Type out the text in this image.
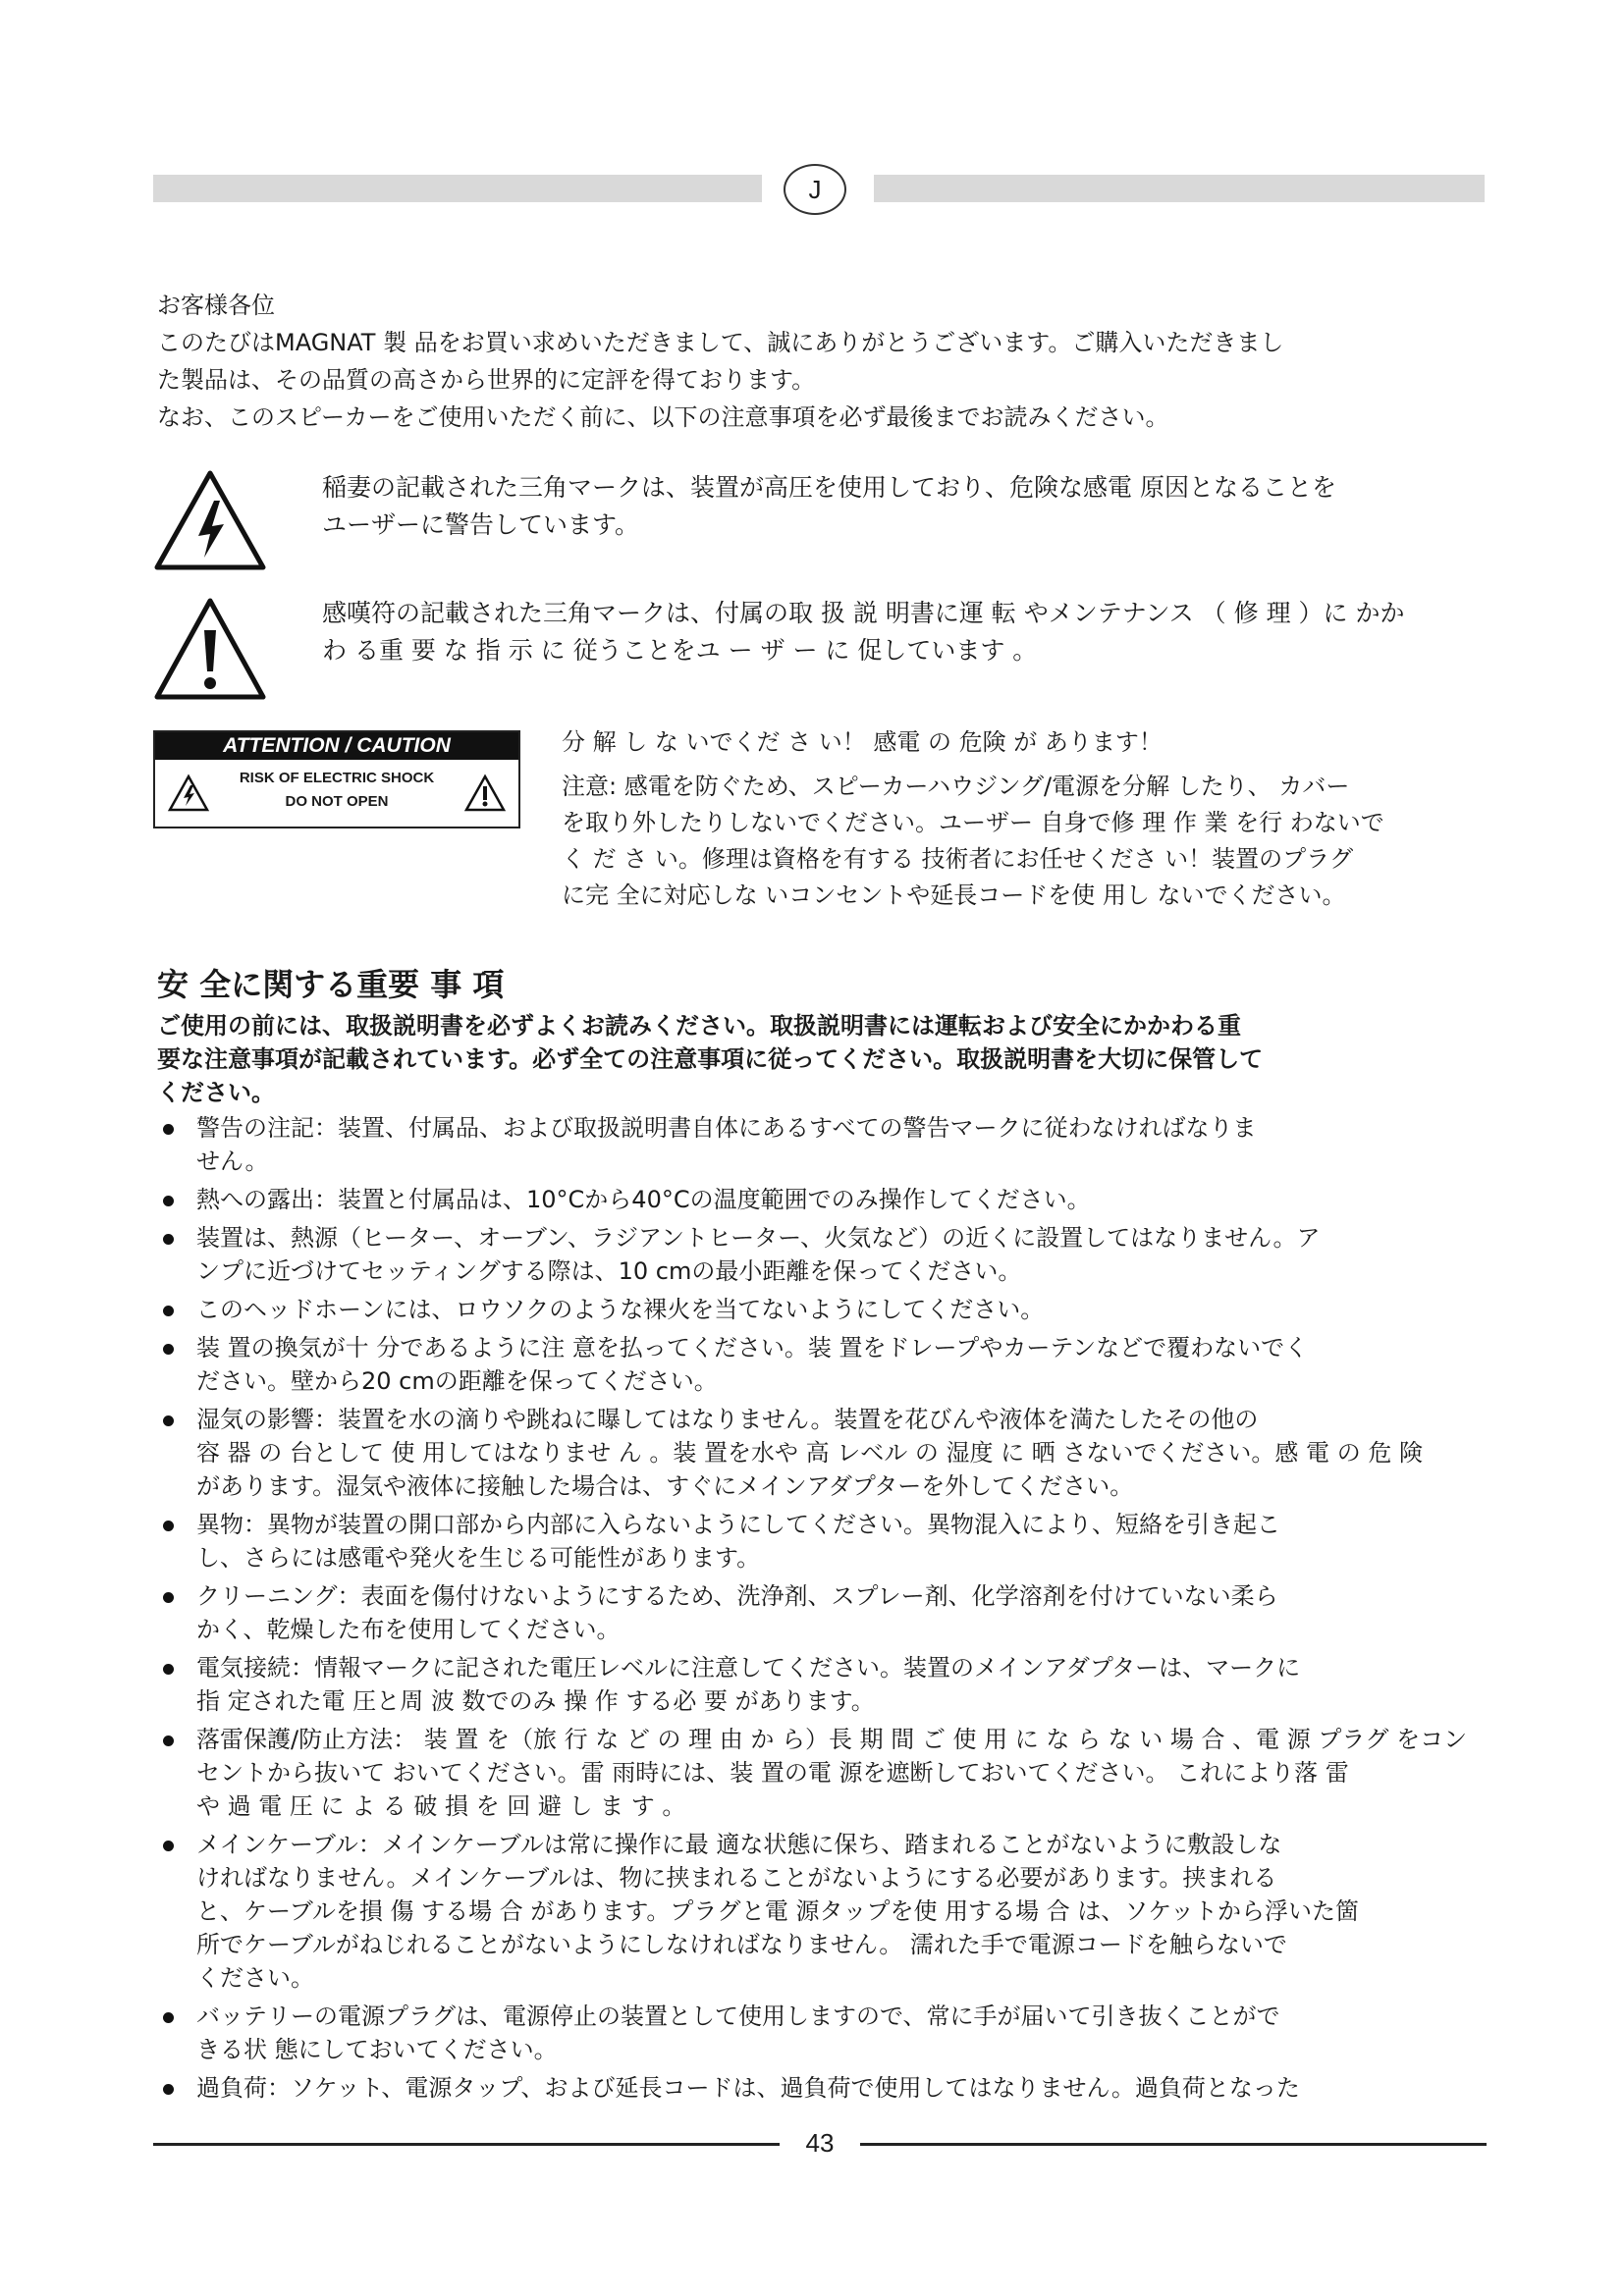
J
お客様各位
このたびはMAGNAT 製 品をお買い求めいただきまして、誠にありがとうございます。ご購入いただきまし
た製品は、その品質の高さから世界的に定評を得ております。
なお、このスピーカーをご使用いただく前に、以下の注意事項を必ず最後までお読みください。
稲妻の記載された三角マークは、装置が高圧を使用しており、危険な感電 原因となることを
ユーザーに警告しています。
感嘆符の記載された三角マークは、付属の取 扱 説 明書に運 転 やメンテナンス （ 修 理 ）に かか
わ る重 要 な 指 示 に 従うことをユ ー ザ ー に 促しています 。
ATTENTION / CAUTION
RISK OF ELECTRIC SHOCK
DO NOT OPEN
分 解 し な いでくだ さ い！ 感電 の 危険 が あります！
注意: 感電を防ぐため、スピーカーハウジング/電源を分解 したり、 カバー
を取り外したりしないでください。ユーザー 自身で修 理 作 業 を行 わないで
く だ さ い。修理は資格を有する 技術者にお任せくださ い！装置のプラグ
に完 全に対応しな いコンセントや延長コードを使 用し ないでください。
安 全に関する重要 事 項
ご使用の前には、取扱説明書を必ずよくお読みください。取扱説明書には運転および安全にかかわる重
要な注意事項が記載されています。必ず全ての注意事項に従ってください。取扱説明書を大切に保管して
ください。
警告の注記：装置、付属品、および取扱説明書自体にあるすべての警告マークに従わなければなりま
せん。
熱への露出：装置と付属品は、10°Cから40°Cの温度範囲でのみ操作してください。
装置は、熱源（ヒーター、オーブン、ラジアントヒーター、火気など）の近くに設置してはなりません。ア
ンプに近づけてセッティングする際は、10 cmの最小距離を保ってください。
このヘッドホーンには、ロウソクのような裸火を当てないようにしてください。
装 置の換気が十 分であるように注 意を払ってください。装 置をドレープやカーテンなどで覆わないでく
ださい。壁から20 cmの距離を保ってください。
湿気の影響：装置を水の滴りや跳ねに曝してはなりません。装置を花びんや液体を満たしたその他の
容 器 の 台として 使 用してはなりませ ん 。装 置を水や 高 レベル の 湿度 に 晒 さないでください。感 電 の 危 険
があります。湿気や液体に接触した場合は、すぐにメインアダプターを外してください。
異物：異物が装置の開口部から内部に入らないようにしてください。異物混入により、短絡を引き起こ
し、さらには感電や発火を生じる可能性があります。
クリーニング：表面を傷付けないようにするため、洗浄剤、スプレー剤、化学溶剤を付けていない柔ら
かく、乾燥した布を使用してください。
電気接続：情報マークに記された電圧レベルに注意してください。装置のメインアダプターは、マークに
指 定された電 圧と周 波 数でのみ 操 作 する必 要 があります。
落雷保護/防止方法： 装 置 を（旅 行 な ど の 理 由 か ら）長 期 間 ご 使 用 に な ら な い 場 合 、電 源 プラグ をコン
セントから抜いて おいてください。雷 雨時には、装 置の電 源を遮断しておいてください。 これにより落 雷
や 過 電 圧 に よ る 破 損 を 回 避 し ま す 。
メインケーブル：メインケーブルは常に操作に最 適な状態に保ち、踏まれることがないように敷設しな
ければなりません。メインケーブルは、物に挟まれることがないようにする必要があります。挟まれる
と、ケーブルを損 傷 する場 合 があります。プラグと電 源タップを使 用する場 合 は、ソケットから浮いた箇
所でケーブルがねじれることがないようにしなければなりません。 濡れた手で電源コードを触らないで
ください。
バッテリーの電源プラグは、電源停止の装置として使用しますので、常に手が届いて引き抜くことがで
きる状 態にしておいてください。
過負荷：ソケット、電源タップ、および延長コードは、過負荷で使用してはなりません。過負荷となった
43
